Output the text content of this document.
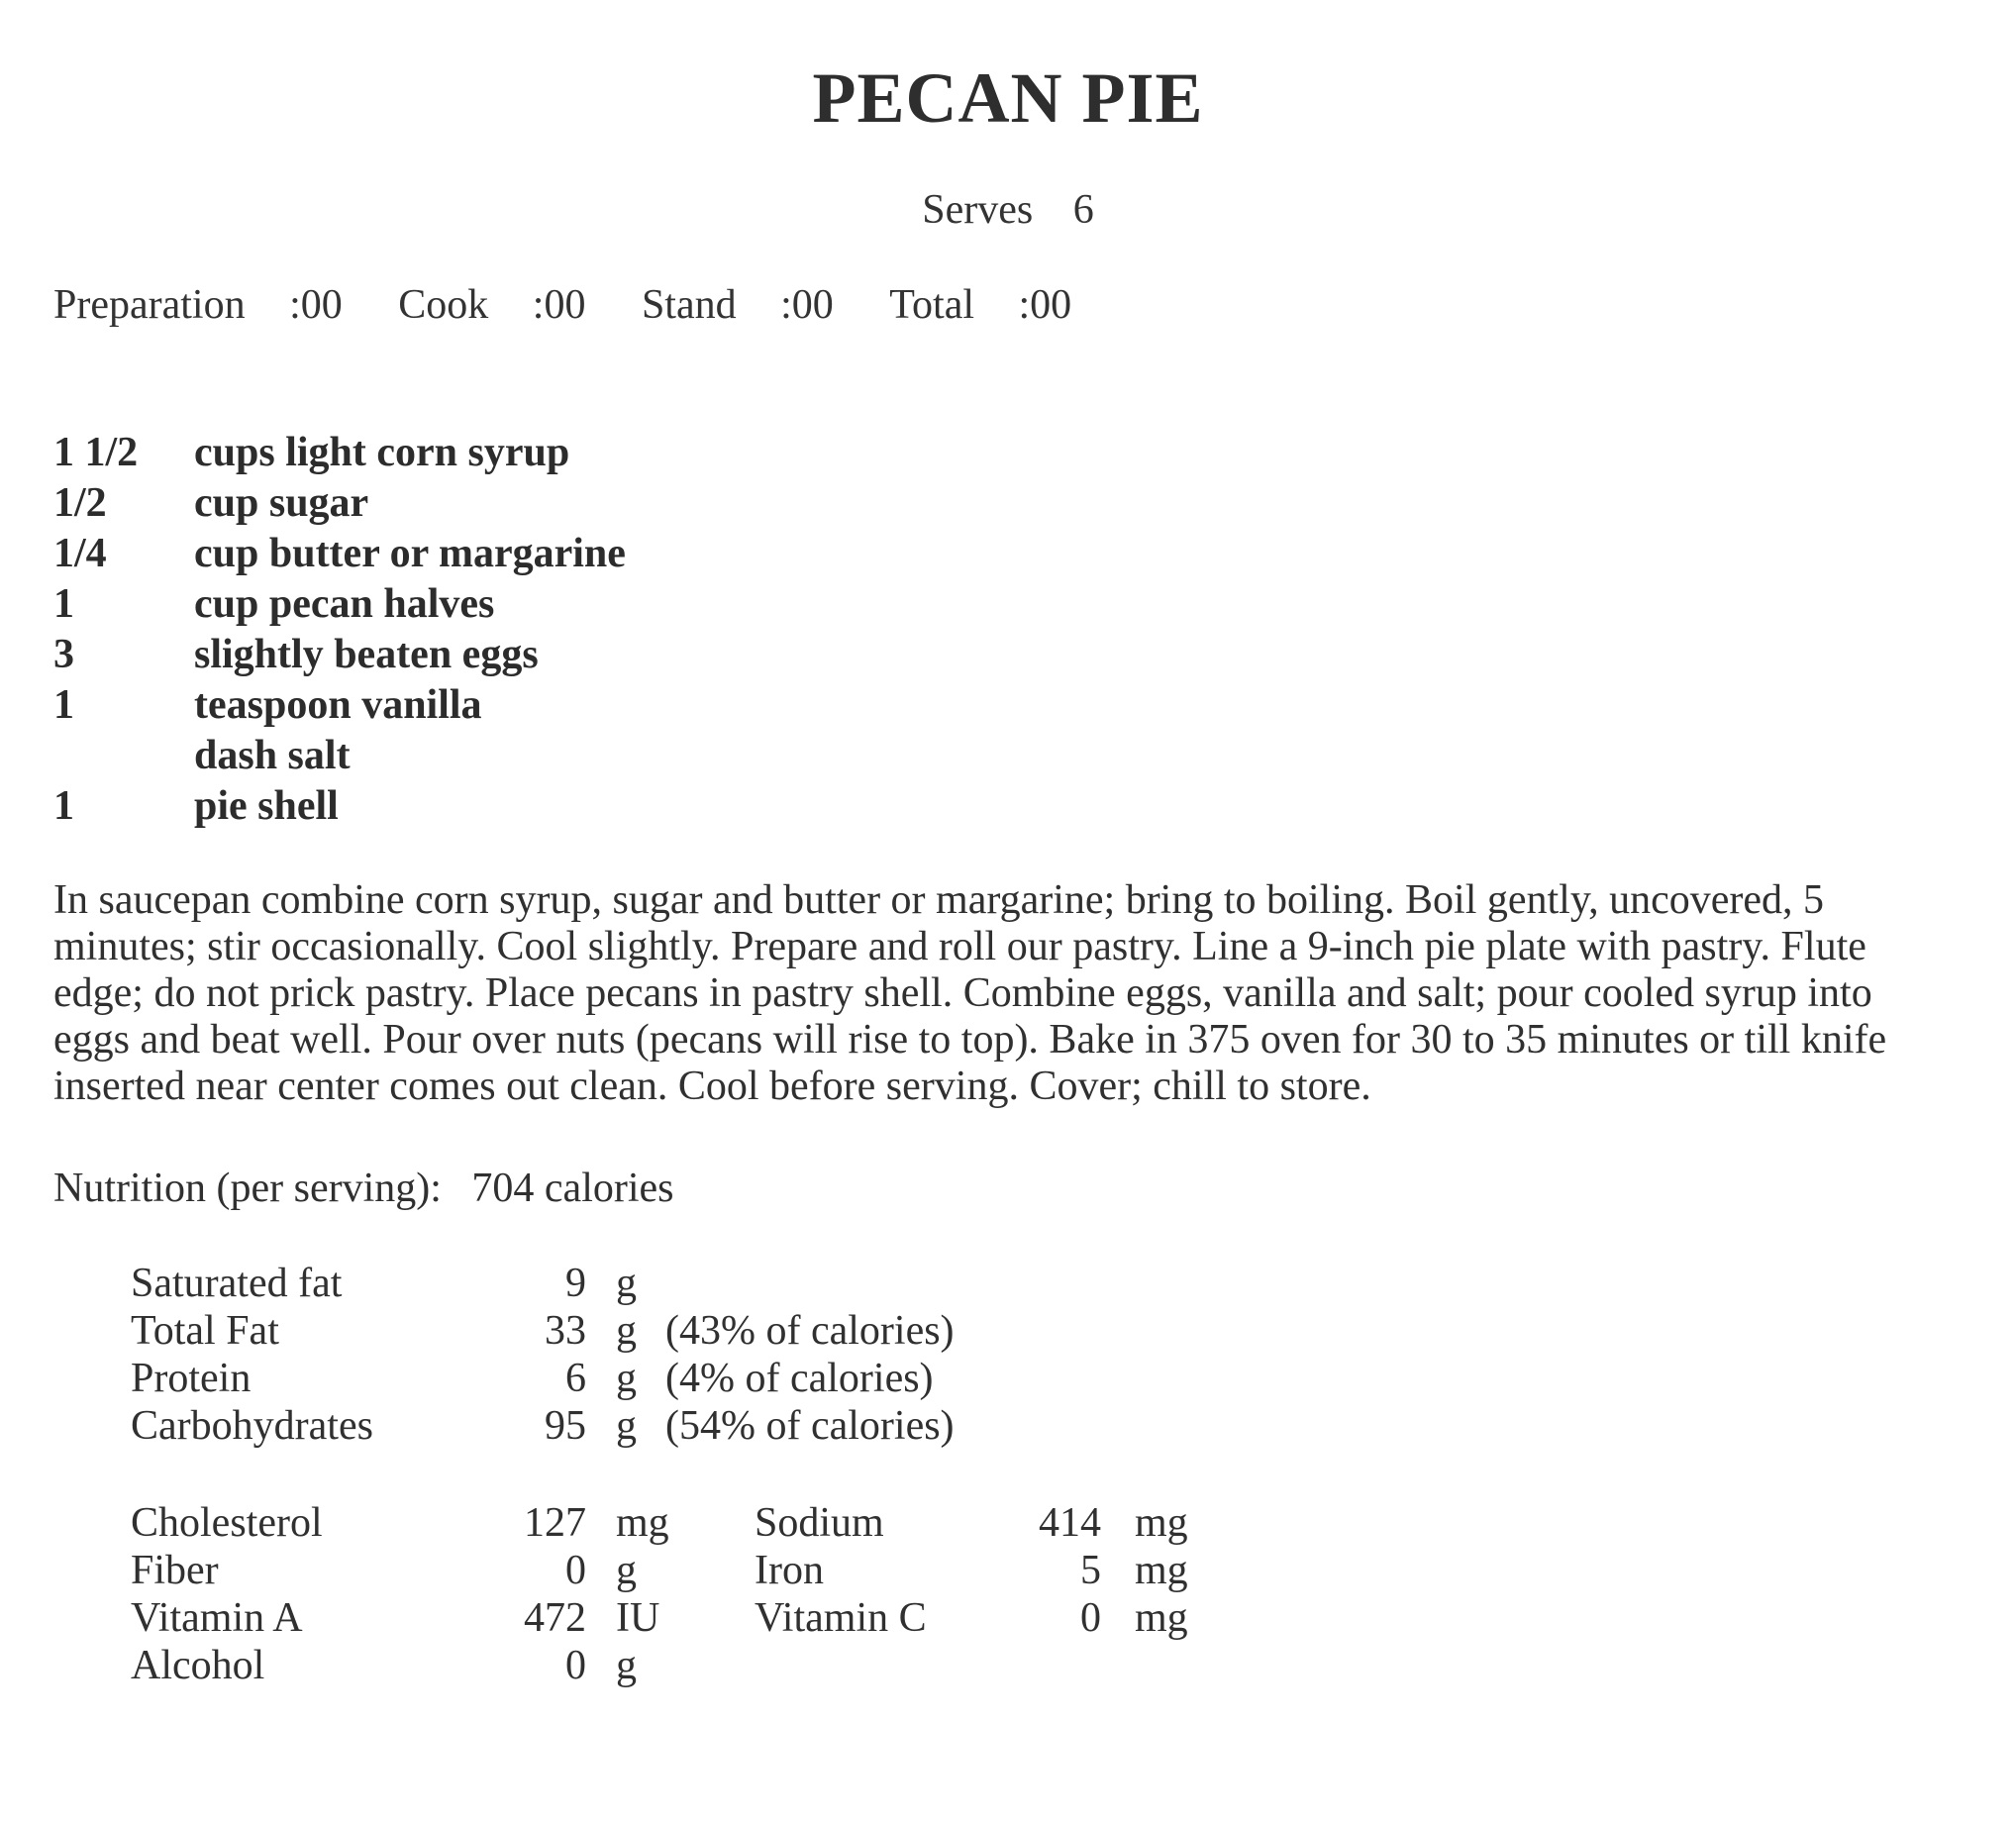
PECAN PIE
Serves 6
Preparation :00 Cook :00 Stand :00 Total :00
1 1/2	cups light corn syrup
1/2	cup sugar
1/4	cup butter or margarine
1	cup pecan halves
3	slightly beaten eggs
1	teaspoon vanilla
dash salt
1	pie shell

In saucepan combine corn syrup, sugar and butter or margarine; bring to boiling. Boil gently, uncovered, 5 minutes; stir occasionally. Cool slightly. Prepare and roll our pastry. Line a 9-inch pie plate with pastry. Flute edge; do not prick pastry. Place pecans in pastry shell. Combine eggs, vanilla and salt; pour cooled syrup into eggs and beat well. Pour over nuts (pecans will rise to top). Bake in 375 oven for 30 to 35 minutes or till knife inserted near center comes out clean. Cool before serving. Cover; chill to store.

Nutrition (per serving): 704 calories
Saturated fat	9 g
Total Fat	33 g (43% of calories)
Protein	6 g (4% of calories)
Carbohydrates	95 g (54% of calories)
Cholesterol	127 mg	Sodium	414 mg
Fiber	0 g	Iron	5 mg
Vitamin A	472 IU	Vitamin C	0 mg
Alcohol	0 g
